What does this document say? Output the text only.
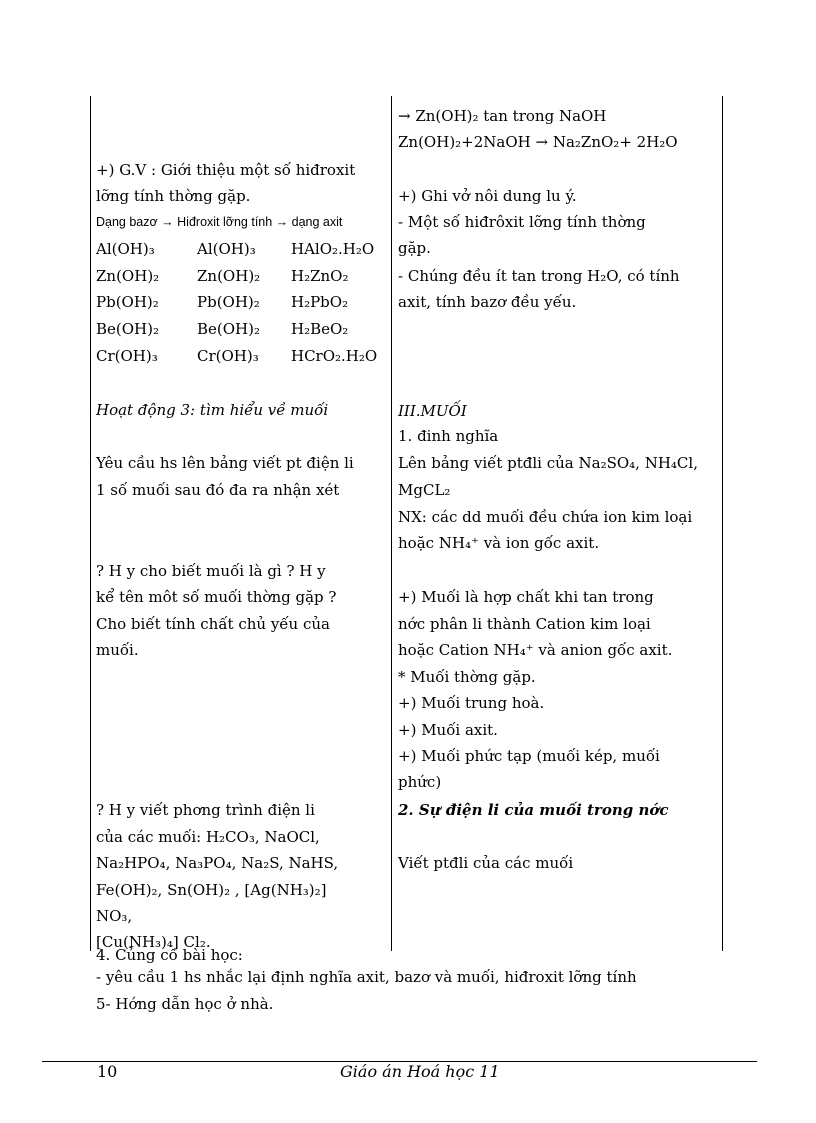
→ Zn(OH)₂ tan trong NaOH
Zn(OH)₂+2NaOH → Na₂ZnO₂+ 2H₂O
+) G.V : Giới thiệu một số hiđroxit
lỡng tính thờng gặp.
Dạng bazơ → Hiđroxit lỡng tính → dạng axit
Al(OH)₃	Al(OH)₃ HAlO₂.H₂O
Zn(OH)₂	Zn(OH)₂ H₂ZnO₂
Pb(OH)₂	Pb(OH)₂ H₂PbO₂
Be(OH)₂	Be(OH)₂ H₂BeO₂
Cr(OH)₃	Cr(OH)₃ HCrO₂.H₂O
+) Ghi vở nôi dung lu ý.
- Một số hiđrôxit lỡng tính thờng
gặp.
- Chúng đều ít tan trong H₂O, có tính
axit, tính bazơ đều yếu.
Hoạt động 3: tìm hiểu về muối	III.MUỐI
1. đinh nghĩa
Yêu cầu hs lên bảng viết pt điện li
1 số muối sau đó đa ra nhận xét
Lên bảng viết ptđli của Na₂SO₄, NH₄Cl,
MgCL₂
NX: các dd muối đều chứa ion kim loại
hoặc NH₄⁺ và ion gốc axit.
? H y cho biết muối là gì ? H y
kể tên môt số muối thờng gặp ?
Cho biết tính chất chủ yếu của
muối.
+) Muối là hợp chất khi tan trong
nớc phân li thành Cation kim loại
hoặc Cation NH₄⁺ và anion gốc axit.
* Muối thờng gặp.
+) Muối trung hoà.
+) Muối axit.
+) Muối phức tạp (muối kép, muối
phức)
? H y viết phơng trình điện li
của các muối: H₂CO₃, NaOCl,
Na₂HPO₄, Na₃PO₄, Na₂S, NaHS,
Fe(OH)₂, Sn(OH)₂ , [Ag(NH₃)₂]
NO₃,
[Cu(NH₃)₄] Cl₂.
2. Sự điện li của muối trong nớc
Viết ptđli của các muối
4. Củng cố bài học:
- yêu cầu 1 hs nhắc lại định nghĩa axit, bazơ và muối, hiđroxit lỡng tính
5- Hớng dẫn học ở nhà.
10	Giáo án Hoá học 11
